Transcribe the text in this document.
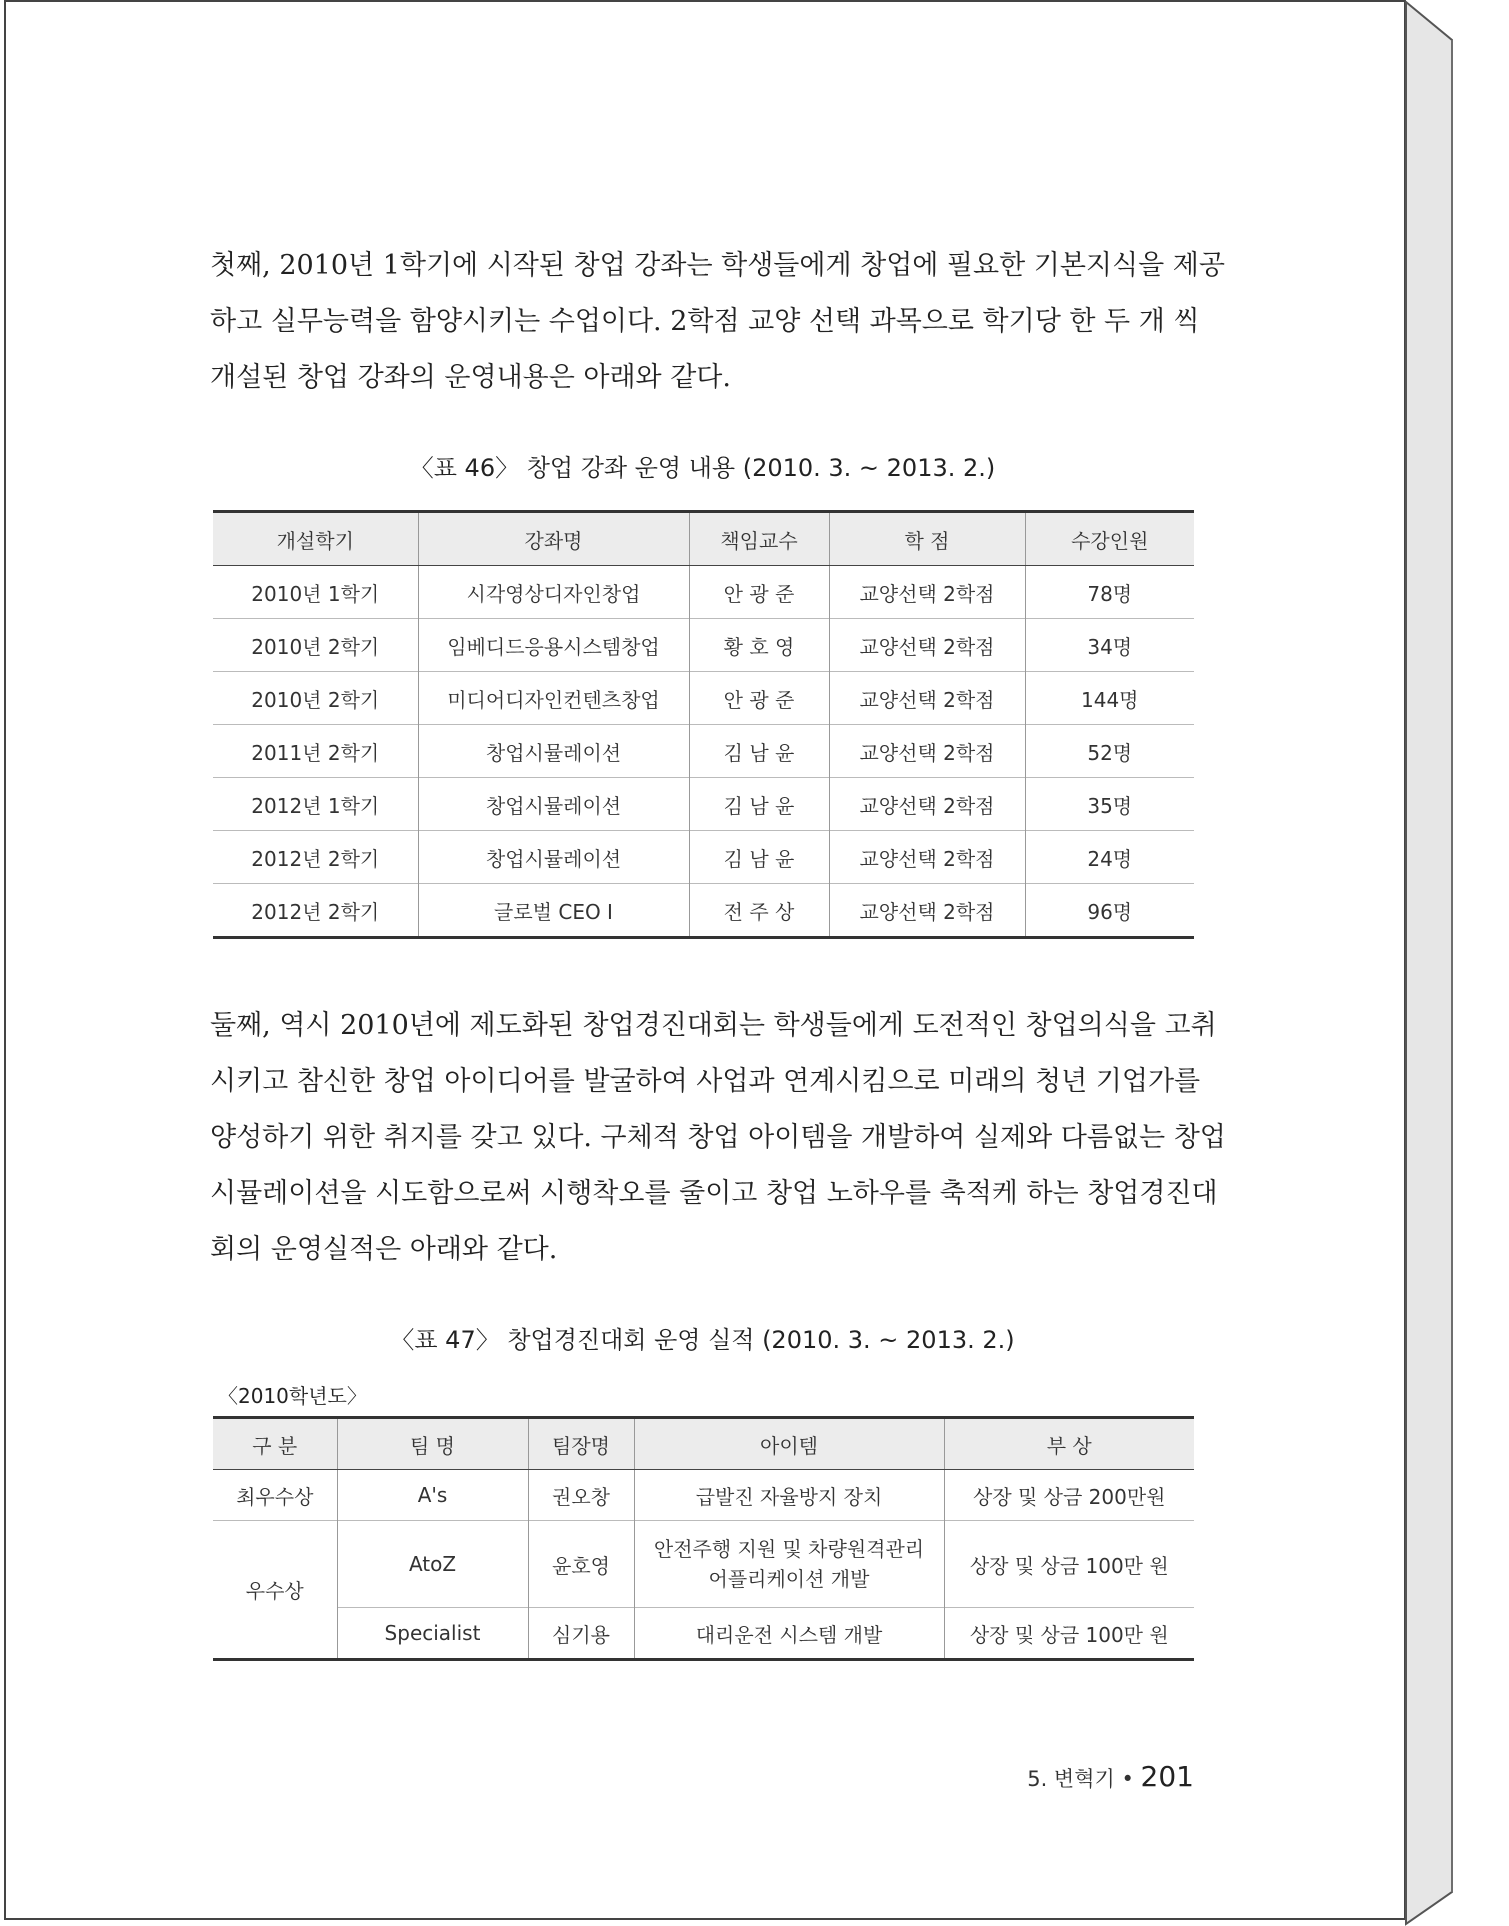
첫째, 2010년 1학기에 시작된 창업 강좌는 학생들에게 창업에 필요한 기본지식을 제공
하고 실무능력을 함양시키는 수업이다. 2학점 교양 선택 과목으로 학기당 한 두 개 씩
개설된 창업 강좌의 운영내용은 아래와 같다.
〈표 46〉 창업 강좌 운영 내용 (2010. 3. ~ 2013. 2.)
개설학기	강좌명	책임교수	학 점	수강인원
2010년 1학기	시각영상디자인창업	안 광 준	교양선택 2학점	78명
2010년 2학기	임베디드응용시스템창업	황 호 영	교양선택 2학점	34명
2010년 2학기	미디어디자인컨텐츠창업	안 광 준	교양선택 2학점	144명
2011년 2학기	창업시뮬레이션	김 남 윤	교양선택 2학점	52명
2012년 1학기	창업시뮬레이션	김 남 윤	교양선택 2학점	35명
2012년 2학기	창업시뮬레이션	김 남 윤	교양선택 2학점	24명
2012년 2학기	글로벌 CEO Ⅰ	전 주 상	교양선택 2학점	96명
둘째, 역시 2010년에 제도화된 창업경진대회는 학생들에게 도전적인 창업의식을 고취
시키고 참신한 창업 아이디어를 발굴하여 사업과 연계시킴으로 미래의 청년 기업가를
양성하기 위한 취지를 갖고 있다. 구체적 창업 아이템을 개발하여 실제와 다름없는 창업
시뮬레이션을 시도함으로써 시행착오를 줄이고 창업 노하우를 축적케 하는 창업경진대
회의 운영실적은 아래와 같다.
〈표 47〉 창업경진대회 운영 실적 (2010. 3. ~ 2013. 2.)
〈2010학년도〉
구 분	팀 명	팀장명	아이템	부 상
최우수상	A's	권오창	급발진 자율방지 장치	상장 및 상금 200만원
우수상	AtoZ	윤호영	안전주행 지원 및 차량원격관리
어플리케이션 개발	상장 및 상금 100만 원
	Specialist	심기용	대리운전 시스템 개발	상장 및 상금 100만 원
5. 변혁기 • 201
